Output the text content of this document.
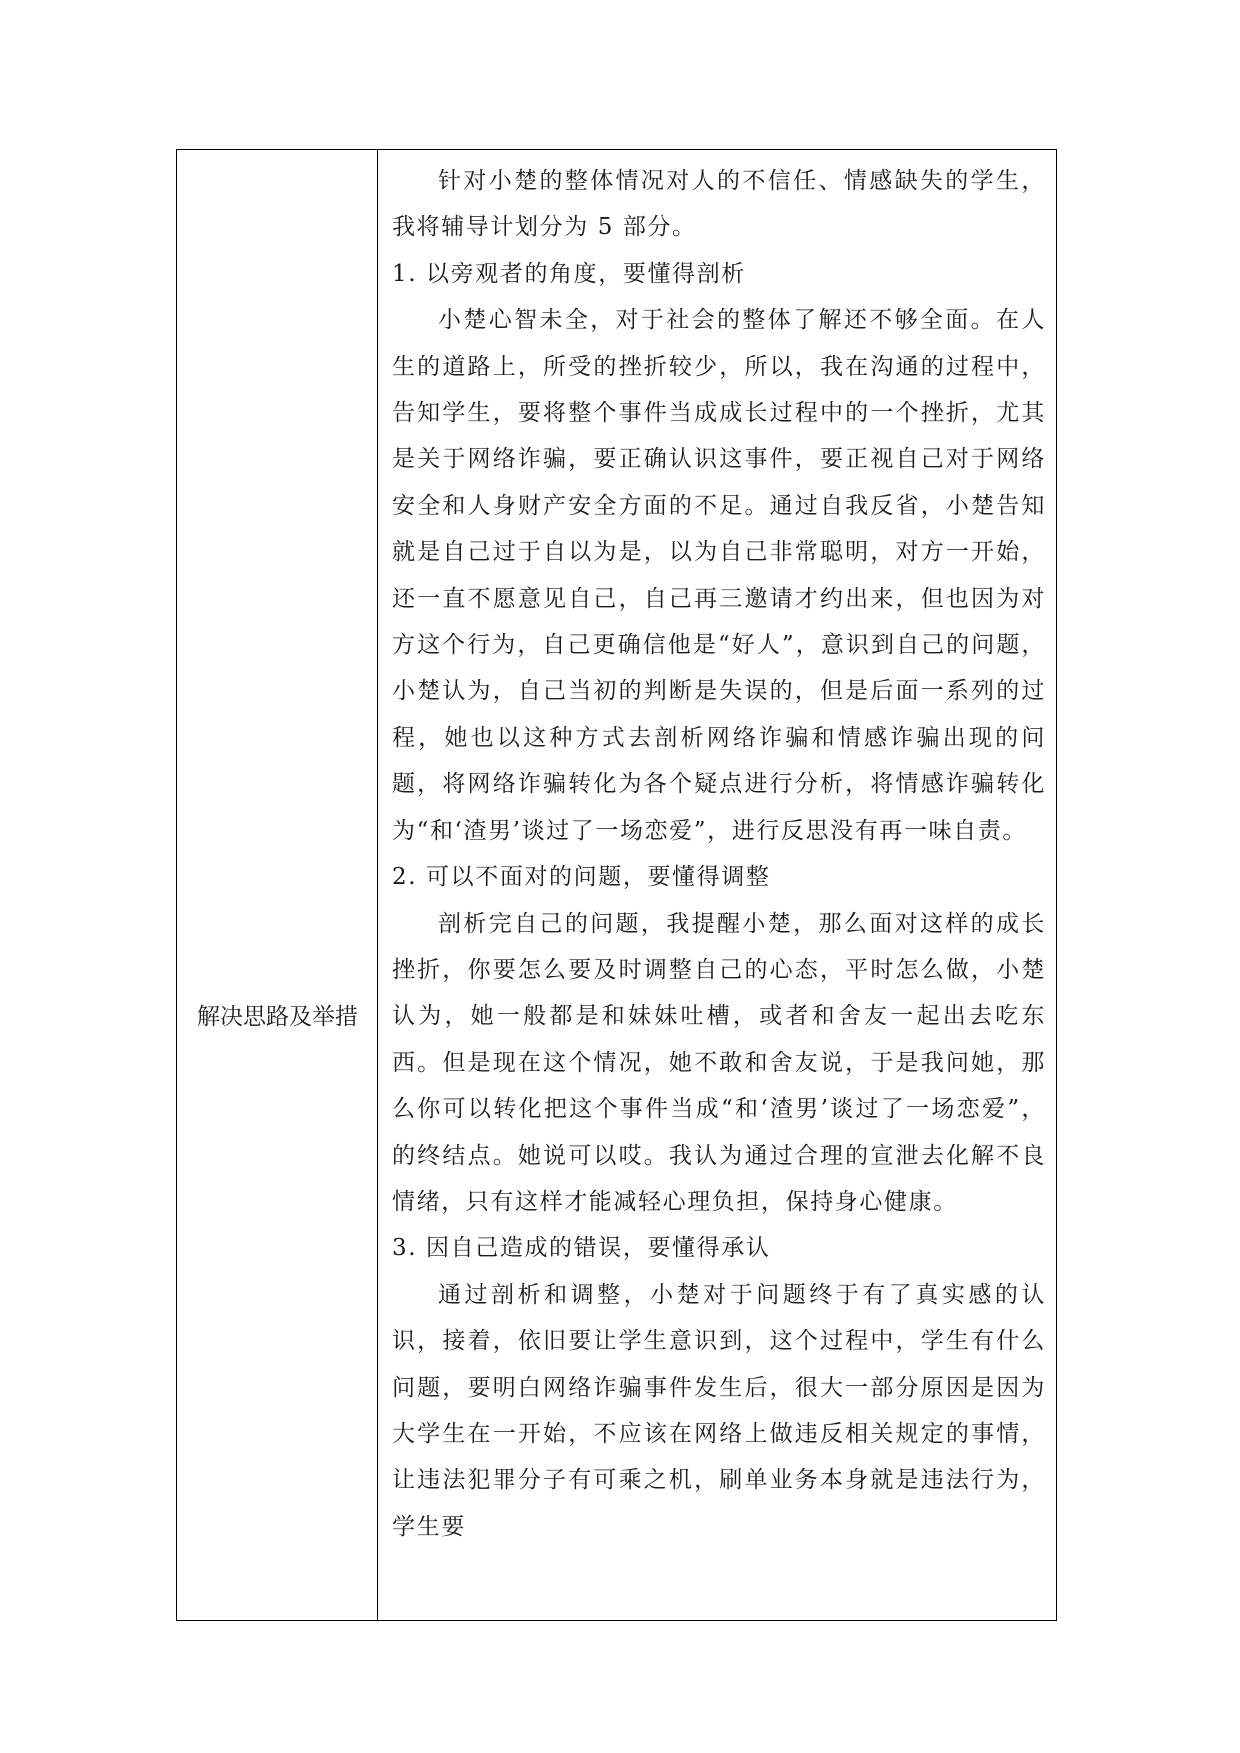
解决思路及举措

针对小楚的整体情况对人的不信任、情感缺失的学生，我将辅导计划分为 5 部分。

1. 以旁观者的角度，要懂得剖析

小楚心智未全，对于社会的整体了解还不够全面。在人生的道路上，所受的挫折较少，所以，我在沟通的过程中，告知学生，要将整个事件当成成长过程中的一个挫折，尤其是关于网络诈骗，要正确认识这事件，要正视自己对于网络安全和人身财产安全方面的不足。通过自我反省，小楚告知就是自己过于自以为是，以为自己非常聪明，对方一开始，还一直不愿意见自己，自己再三邀请才约出来，但也因为对方这个行为，自己更确信他是“好人”，意识到自己的问题，小楚认为，自己当初的判断是失误的，但是后面一系列的过程，她也以这种方式去剖析网络诈骗和情感诈骗出现的问题，将网络诈骗转化为各个疑点进行分析，将情感诈骗转化为“和‘渣男’谈过了一场恋爱”，进行反思没有再一味自责。

2. 可以不面对的问题，要懂得调整

剖析完自己的问题，我提醒小楚，那么面对这样的成长挫折，你要怎么要及时调整自己的心态，平时怎么做，小楚认为，她一般都是和妹妹吐槽，或者和舍友一起出去吃东西。但是现在这个情况，她不敢和舍友说，于是我问她，那么你可以转化把这个事件当成“和‘渣男’谈过了一场恋爱”，的终结点。她说可以哎。我认为通过合理的宣泄去化解不良情绪，只有这样才能减轻心理负担，保持身心健康。

3. 因自己造成的错误，要懂得承认

通过剖析和调整，小楚对于问题终于有了真实感的认识，接着，依旧要让学生意识到，这个过程中，学生有什么问题，要明白网络诈骗事件发生后，很大一部分原因是因为大学生在一开始，不应该在网络上做违反相关规定的事情，让违法犯罪分子有可乘之机，刷单业务本身就是违法行为，学生要
